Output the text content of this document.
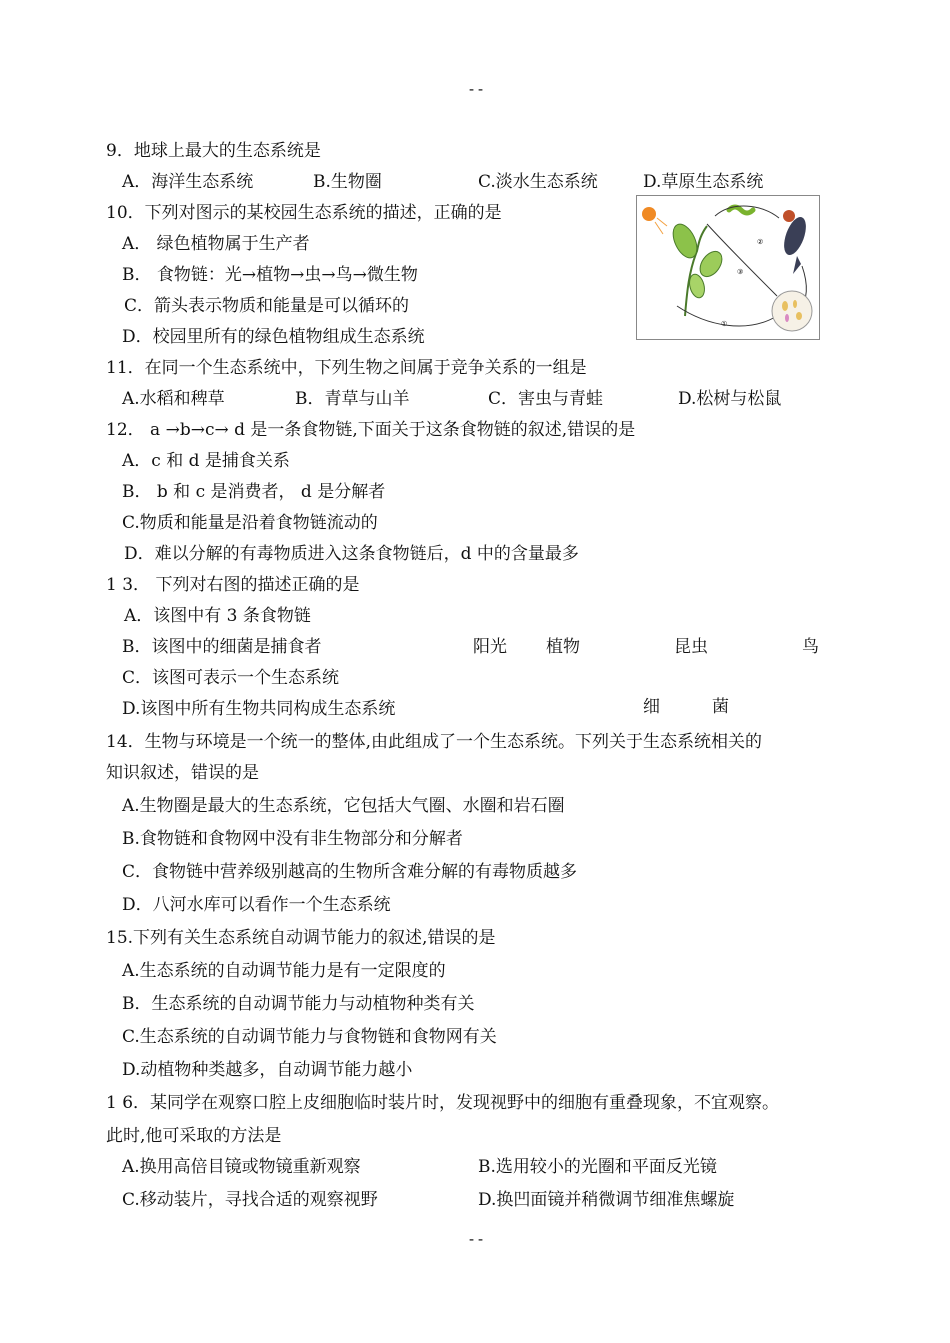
--
9．地球上最大的生态系统是
A．海洋生态系统	B.生物圈	C.淡水生态系统	D.草原生态系统
10．下列对图示的某校园生态系统的描述，正确的是
A． 绿色植物属于生产者
B． 食物链：光→植物→虫→鸟→微生物
C．箭头表示物质和能量是可以循环的
D．校园里所有的绿色植物组成生态系统
②
③
①
11．在同一个生态系统中，下列生物之间属于竞争关系的一组是
A.水稻和稗草	B．青草与山羊	C．害虫与青蛙	D.松树与松鼠
12． a →b→c→ d 是一条食物链,下面关于这条食物链的叙述,错误的是
A．c 和 d 是捕食关系
B． b 和 c 是消费者， d 是分解者
C.物质和能量是沿着食物链流动的
D．难以分解的有毒物质进入这条食物链后，d 中的含量最多
1 3． 下列对右图的描述正确的是
A．该图中有 3 条食物链
B．该图中的细菌是捕食者	阳光 植物	昆虫	鸟
C．该图可表示一个生态系统
D.该图中所有生物共同构成生态系统	细	菌
14．生物与环境是一个统一的整体,由此组成了一个生态系统。下列关于生态系统相关的
知识叙述，错误的是
A.生物圈是最大的生态系统，它包括大气圈、水圈和岩石圈
B.食物链和食物网中没有非生物部分和分解者
C．食物链中营养级别越高的生物所含难分解的有毒物质越多
D．八河水库可以看作一个生态系统
15.下列有关生态系统自动调节能力的叙述,错误的是
A.生态系统的自动调节能力是有一定限度的
B．生态系统的自动调节能力与动植物种类有关
C.生态系统的自动调节能力与食物链和食物网有关
D.动植物种类越多，自动调节能力越小
1 6．某同学在观察口腔上皮细胞临时装片时，发现视野中的细胞有重叠现象，不宜观察。
此时,他可采取的方法是
A.换用高倍目镜或物镜重新观察	B.选用较小的光圈和平面反光镜
C.移动装片，寻找合适的观察视野	D.换凹面镜并稍微调节细准焦螺旋
--
